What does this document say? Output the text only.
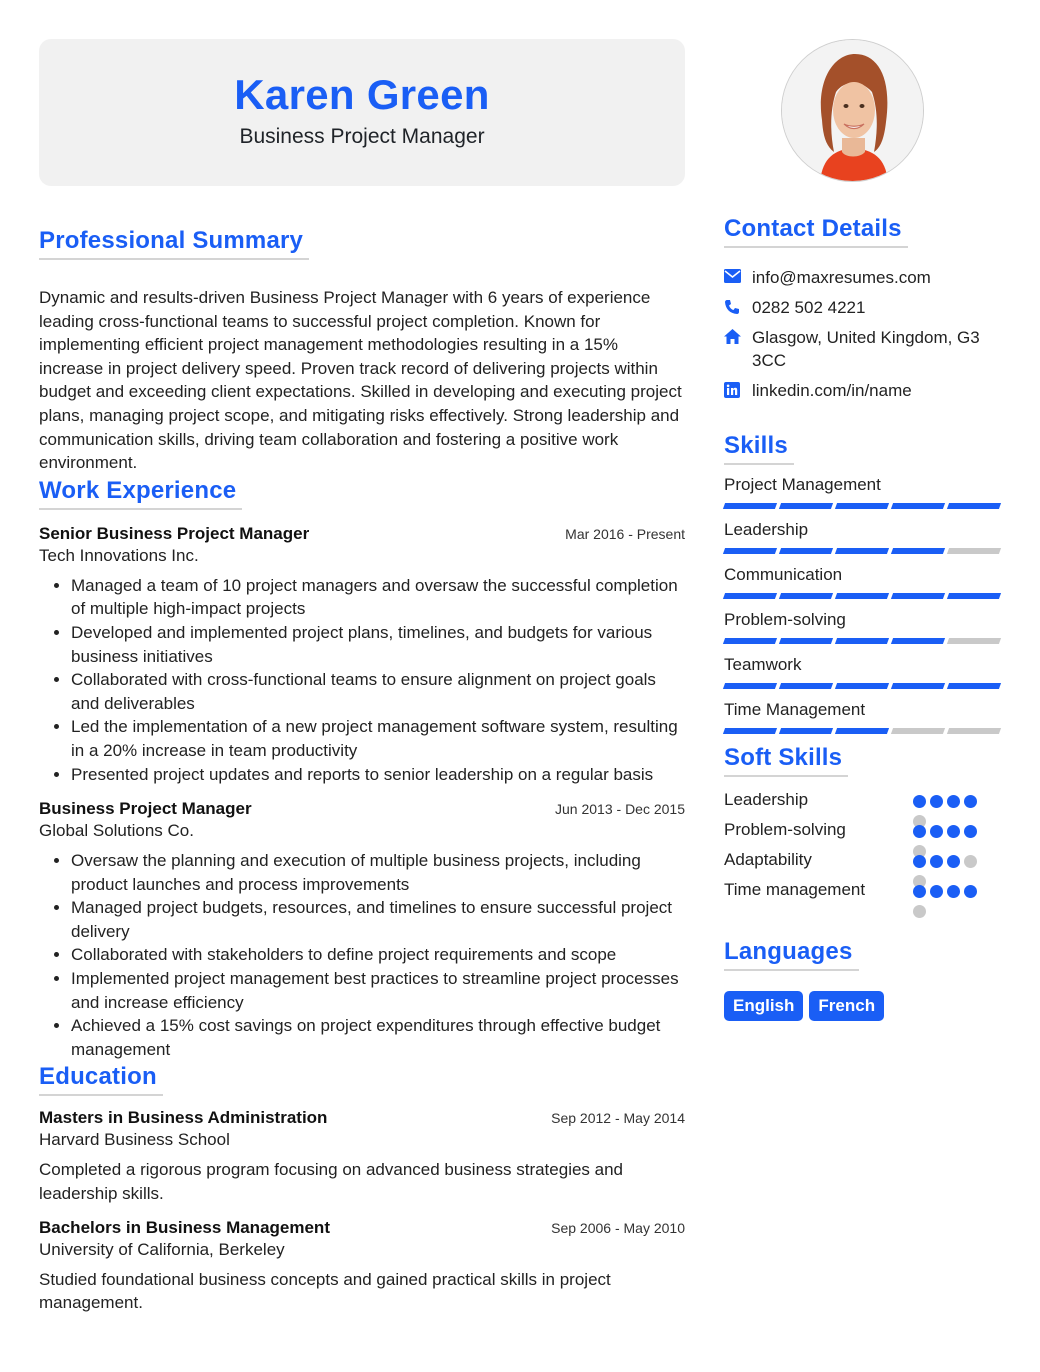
Karen Green
Business Project Manager
Professional Summary

Dynamic and results-driven Business Project Manager with 6 years of experience leading cross-functional teams to successful project completion. Known for implementing efficient project management methodologies resulting in a 15% increase in project delivery speed. Proven track record of delivering projects within budget and exceeding client expectations. Skilled in developing and executing project plans, managing project scope, and mitigating risks effectively. Strong leadership and communication skills, driving team collaboration and fostering a positive work environment.

Work Experience
Senior Business Project Manager	Mar 2016 - Present
Tech Innovations Inc.
• Managed a team of 10 project managers and oversaw the successful completion of multiple high-impact projects
• Developed and implemented project plans, timelines, and budgets for various business initiatives
• Collaborated with cross-functional teams to ensure alignment on project goals and deliverables
• Led the implementation of a new project management software system, resulting in a 20% increase in team productivity
• Presented project updates and reports to senior leadership on a regular basis
Business Project Manager	Jun 2013 - Dec 2015
Global Solutions Co.
• Oversaw the planning and execution of multiple business projects, including product launches and process improvements
• Managed project budgets, resources, and timelines to ensure successful project delivery
• Collaborated with stakeholders to define project requirements and scope
• Implemented project management best practices to streamline project processes and increase efficiency
• Achieved a 15% cost savings on project expenditures through effective budget management
Education
Masters in Business Administration	Sep 2012 - May 2014
Harvard Business School
Completed a rigorous program focusing on advanced business strategies and leadership skills.
Bachelors in Business Management	Sep 2006 - May 2010
University of California, Berkeley
Studied foundational business concepts and gained practical skills in project management.
Contact Details
info@maxresumes.com
0282 502 4221
Glasgow, United Kingdom, G3 3CC
linkedin.com/in/name
Skills
Project Management
Leadership
Communication
Problem-solving
Teamwork
Time Management
Soft Skills
Leadership
Problem-solving
Adaptability
Time management
Languages
English	French
